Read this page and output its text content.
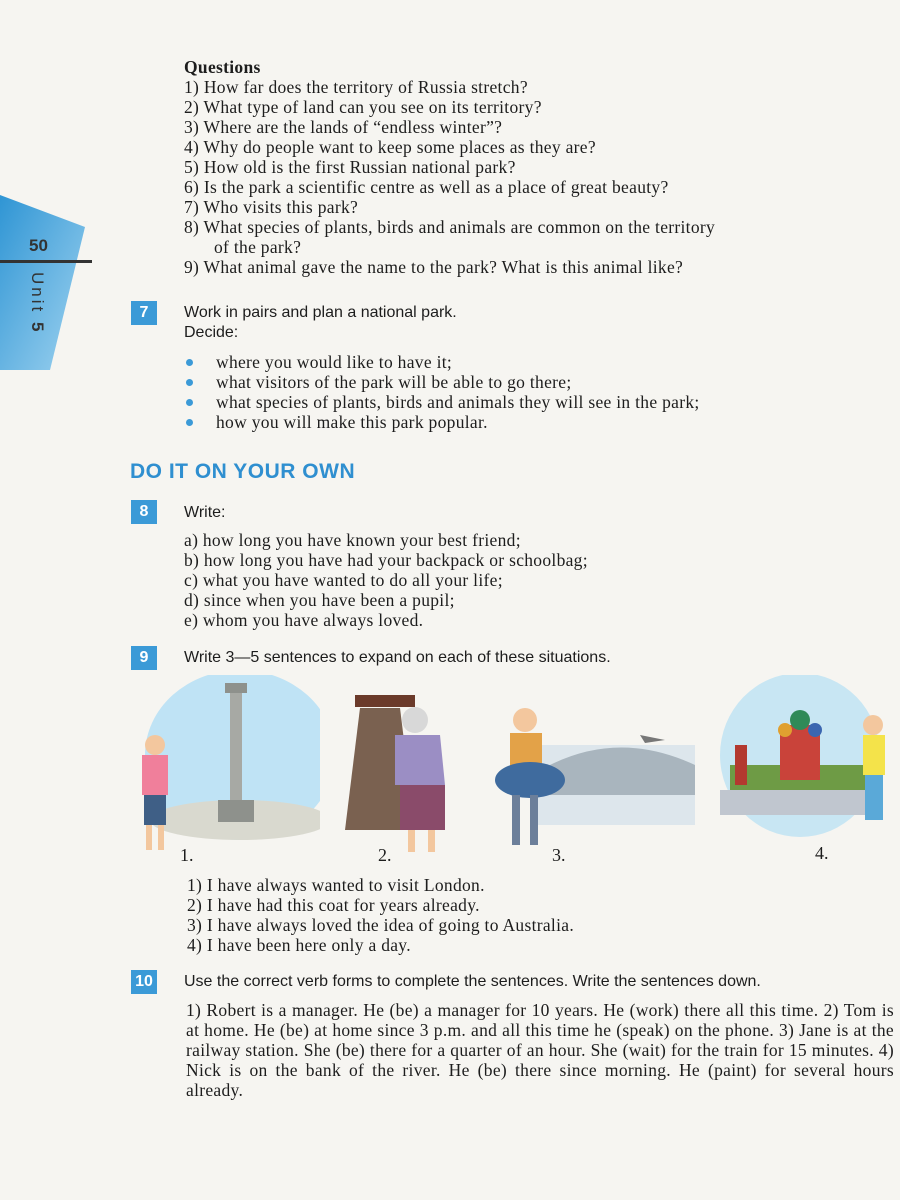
50
Unit 5
Questions
1) How far does the territory of Russia stretch?
2) What type of land can you see on its territory?
3) Where are the lands of “endless winter”?
4) Why do people want to keep some places as they are?
5) How old is the first Russian national park?
6) Is the park a scientific centre as well as a place of great beauty?
7) Who visits this park?
8) What species of plants, birds and animals are common on the territory
of the park?
9) What animal gave the name to the park? What is this animal like?
7	Work in pairs and plan a national park.
Decide:
where you would like to have it;
what visitors of the park will be able to go there;
what species of plants, birds and animals they will see in the park;
how you will make this park popular.
DO IT ON YOUR OWN
8	Write:
a) how long you have known your best friend;
b) how long you have had your backpack or schoolbag;
c) what you have wanted to do all your life;
d) since when you have been a pupil;
e) whom you have always loved.
9	Write 3—5 sentences to expand on each of these situations.
1.	2.	3.	4.
1) I have always wanted to visit London.
2) I have had this coat for years already.
3) I have always loved the idea of going to Australia.
4) I have been here only a day.
10 Use the correct verb forms to complete the sentences. Write the sentences down.
1) Robert is a manager. He (be) a manager for 10 years. He (work) there all this time. 2) Tom is at home. He (be) at home since 3 p.m. and all this time he (speak) on the phone. 3) Jane is at the railway station. She (be) there for a quarter of an hour. She (wait) for the train for 15 minutes. 4) Nick is on the bank of the river. He (be) there since morning. He (paint) for several hours already.
